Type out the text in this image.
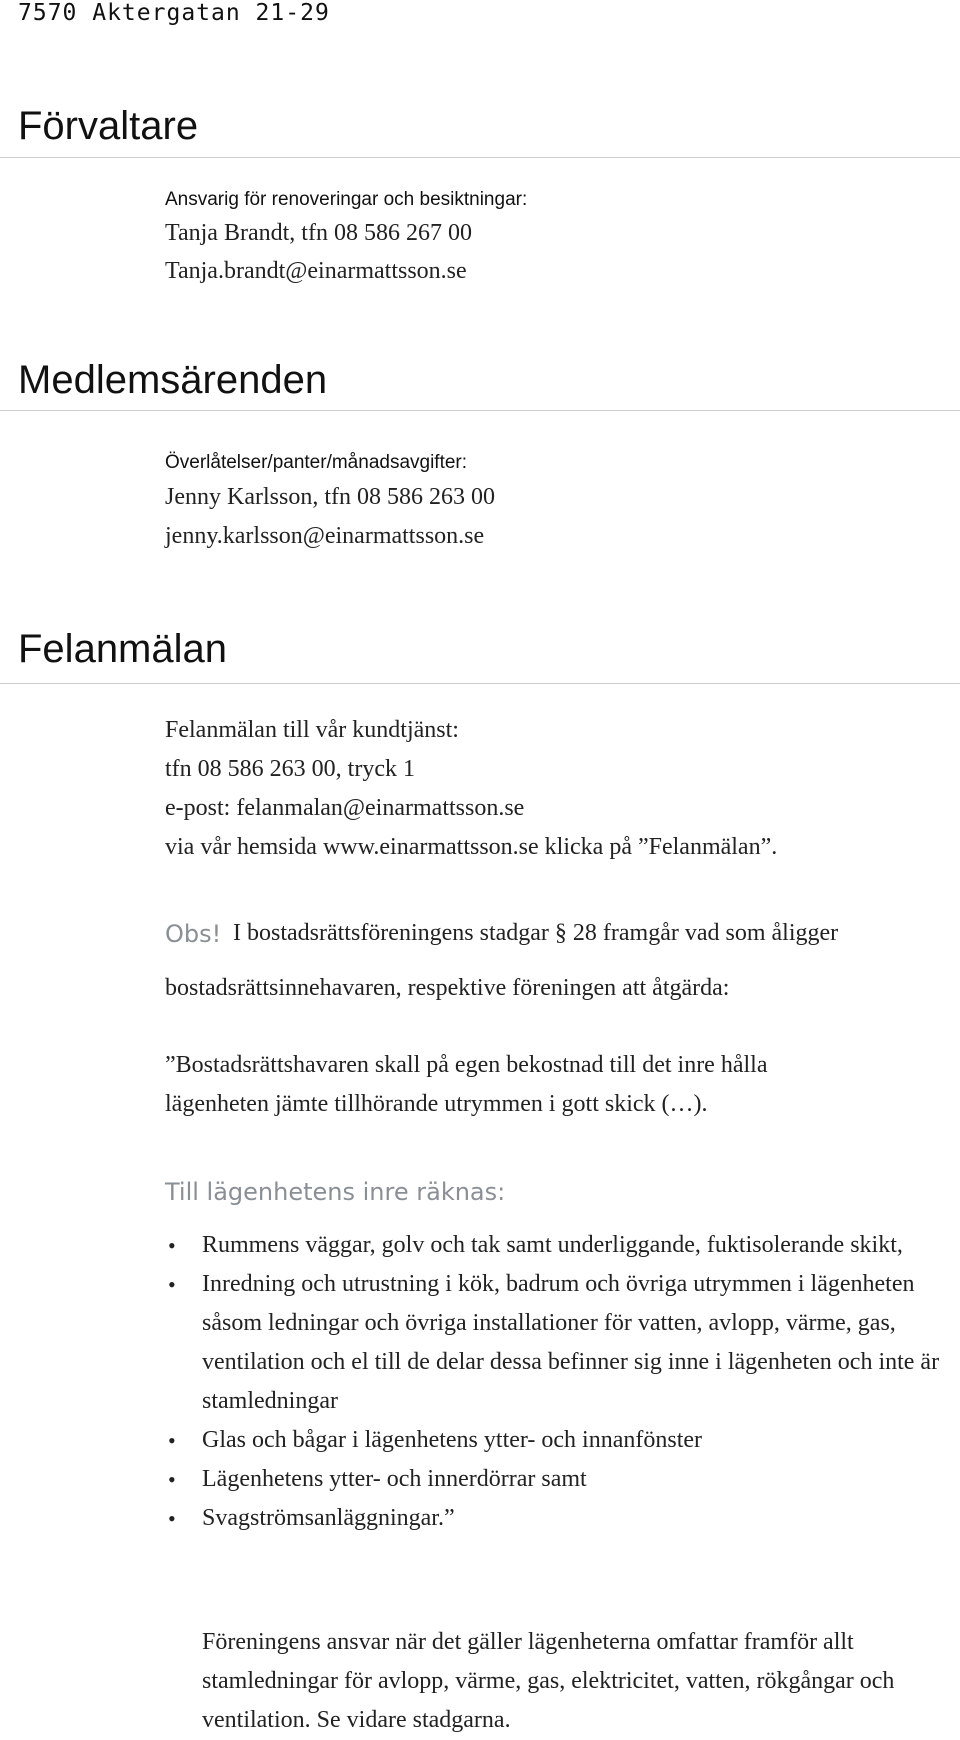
7570 Aktergatan 21-29
Förvaltare
Ansvarig för renoveringar och besiktningar:
Tanja Brandt, tfn 08 586 267 00
Tanja.brandt@einarmattsson.se
Medlemsärenden
Överlåtelser/panter/månadsavgifter:
Jenny Karlsson, tfn 08 586 263 00
jenny.karlsson@einarmattsson.se
Felanmälan
Felanmälan till vår kundtjänst:
tfn 08 586 263 00, tryck 1
e-post: felanmalan@einarmattsson.se
via vår hemsida www.einarmattsson.se klicka på ”Felanmälan”.
Obs! I bostadsrättsföreningens stadgar § 28 framgår vad som åligger
bostadsrättsinnehavaren, respektive föreningen att åtgärda:
”Bostadsrättshavaren skall på egen bekostnad till det inre hålla
lägenheten jämte tillhörande utrymmen i gott skick (…).
Till lägenhetens inre räknas:
• Rummens väggar, golv och tak samt underliggande, fuktisolerande skikt,
• Inredning och utrustning i kök, badrum och övriga utrymmen i lägenheten såsom ledningar och övriga installationer för vatten, avlopp, värme, gas, ventilation och el till de delar dessa befinner sig inne i lägenheten och inte är stamledningar
• Glas och bågar i lägenhetens ytter- och innanfönster
• Lägenhetens ytter- och innerdörrar samt
• Svagströmsanläggningar.”
Föreningens ansvar när det gäller lägenheterna omfattar framför allt stamledningar för avlopp, värme, gas, elektricitet, vatten, rökgångar och ventilation. Se vidare stadgarna.
